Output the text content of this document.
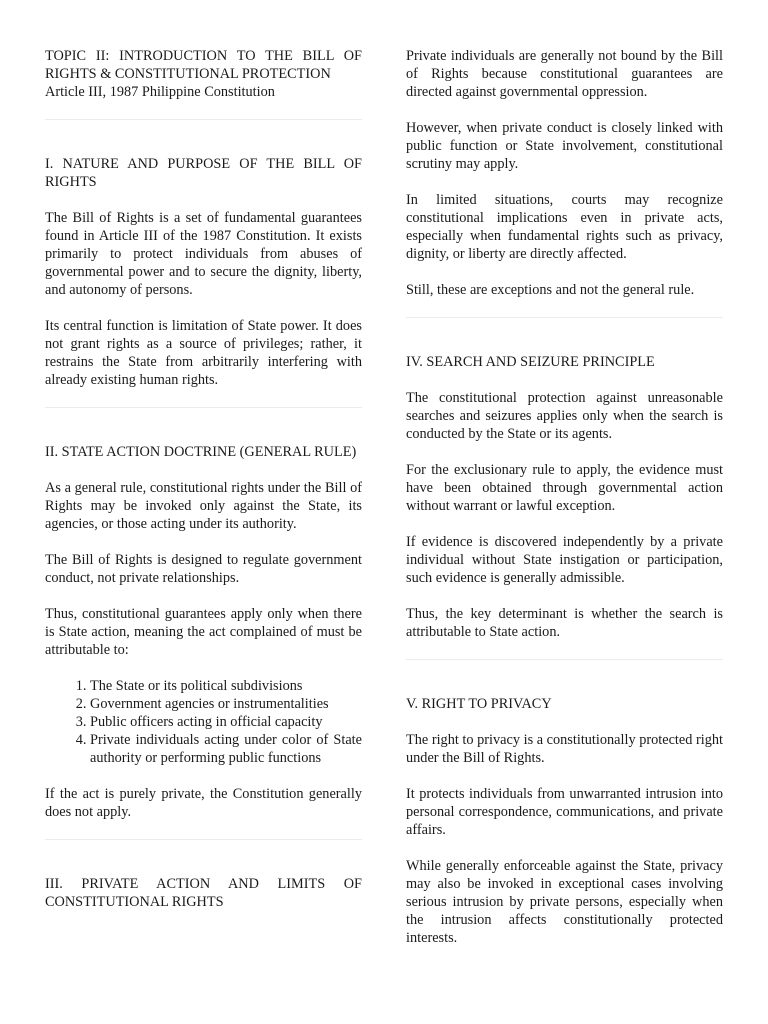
TOPIC II: INTRODUCTION TO THE BILL OF RIGHTS & CONSTITUTIONAL PROTECTION

Article III, 1987 Philippine Constitution

I. NATURE AND PURPOSE OF THE BILL OF RIGHTS

The Bill of Rights is a set of fundamental guarantees found in Article III of the 1987 Constitution. It exists primarily to protect individuals from abuses of governmental power and to secure the dignity, liberty, and autonomy of persons.

Its central function is limitation of State power. It does not grant rights as a source of privileges; rather, it restrains the State from arbitrarily interfering with already existing human rights.

II. STATE ACTION DOCTRINE (GENERAL RULE)

As a general rule, constitutional rights under the Bill of Rights may be invoked only against the State, its agencies, or those acting under its authority.

The Bill of Rights is designed to regulate government conduct, not private relationships.

Thus, constitutional guarantees apply only when there is State action, meaning the act complained of must be attributable to:

1. The State or its political subdivisions
2. Government agencies or instrumentalities
3. Public officers acting in official capacity
4. Private individuals acting under color of State authority or performing public functions

If the act is purely private, the Constitution generally does not apply.

III. PRIVATE ACTION AND LIMITS OF CONSTITUTIONAL RIGHTS

Private individuals are generally not bound by the Bill of Rights because constitutional guarantees are directed against governmental oppression.

However, when private conduct is closely linked with public function or State involvement, constitutional scrutiny may apply.

In limited situations, courts may recognize constitutional implications even in private acts, especially when fundamental rights such as privacy, dignity, or liberty are directly affected.

Still, these are exceptions and not the general rule.

IV. SEARCH AND SEIZURE PRINCIPLE

The constitutional protection against unreasonable searches and seizures applies only when the search is conducted by the State or its agents.

For the exclusionary rule to apply, the evidence must have been obtained through governmental action without warrant or lawful exception.

If evidence is discovered independently by a private individual without State instigation or participation, such evidence is generally admissible.

Thus, the key determinant is whether the search is attributable to State action.

V. RIGHT TO PRIVACY

The right to privacy is a constitutionally protected right under the Bill of Rights.

It protects individuals from unwarranted intrusion into personal correspondence, communications, and private affairs.

While generally enforceable against the State, privacy may also be invoked in exceptional cases involving serious intrusion by private persons, especially when the intrusion affects constitutionally protected interests.
